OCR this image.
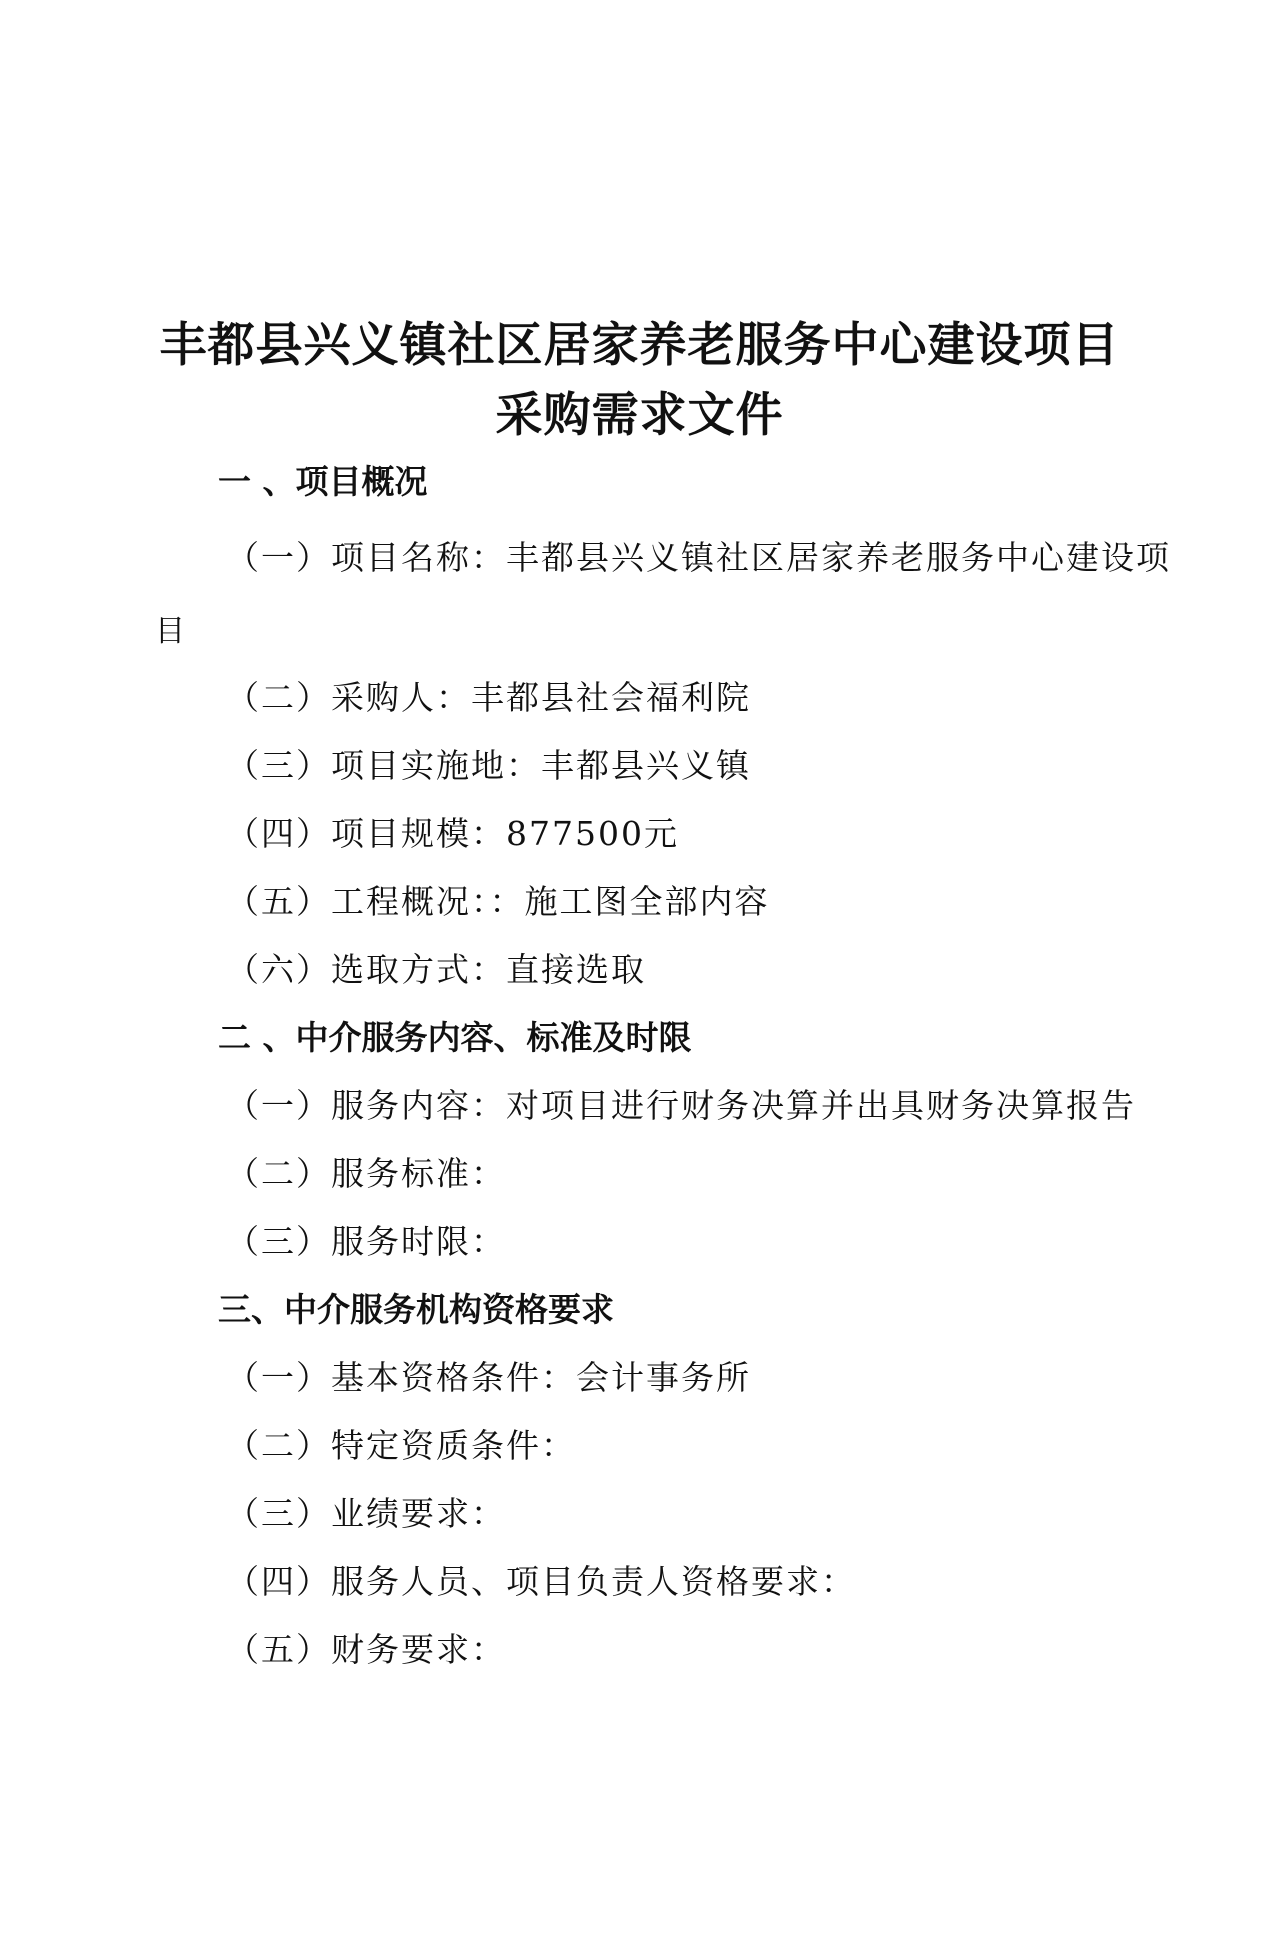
丰都县兴义镇社区居家养老服务中心建设项目
采购需求文件
一 、项目概况

（一）项目名称：丰都县兴义镇社区居家养老服务中心建设项

目

（二）采购人：丰都县社会福利院

（三）项目实施地：丰都县兴义镇

（四）项目规模：877500元

（五）工程概况：：施工图全部内容

（六）选取方式：直接选取

二 、中介服务内容、标准及时限

（一）服务内容：对项目进行财务决算并出具财务决算报告

（二）服务标准：

（三）服务时限：

三、中介服务机构资格要求

（一）基本资格条件：会计事务所

（二）特定资质条件：

（三）业绩要求：

（四）服务人员、项目负责人资格要求：

（五）财务要求：
